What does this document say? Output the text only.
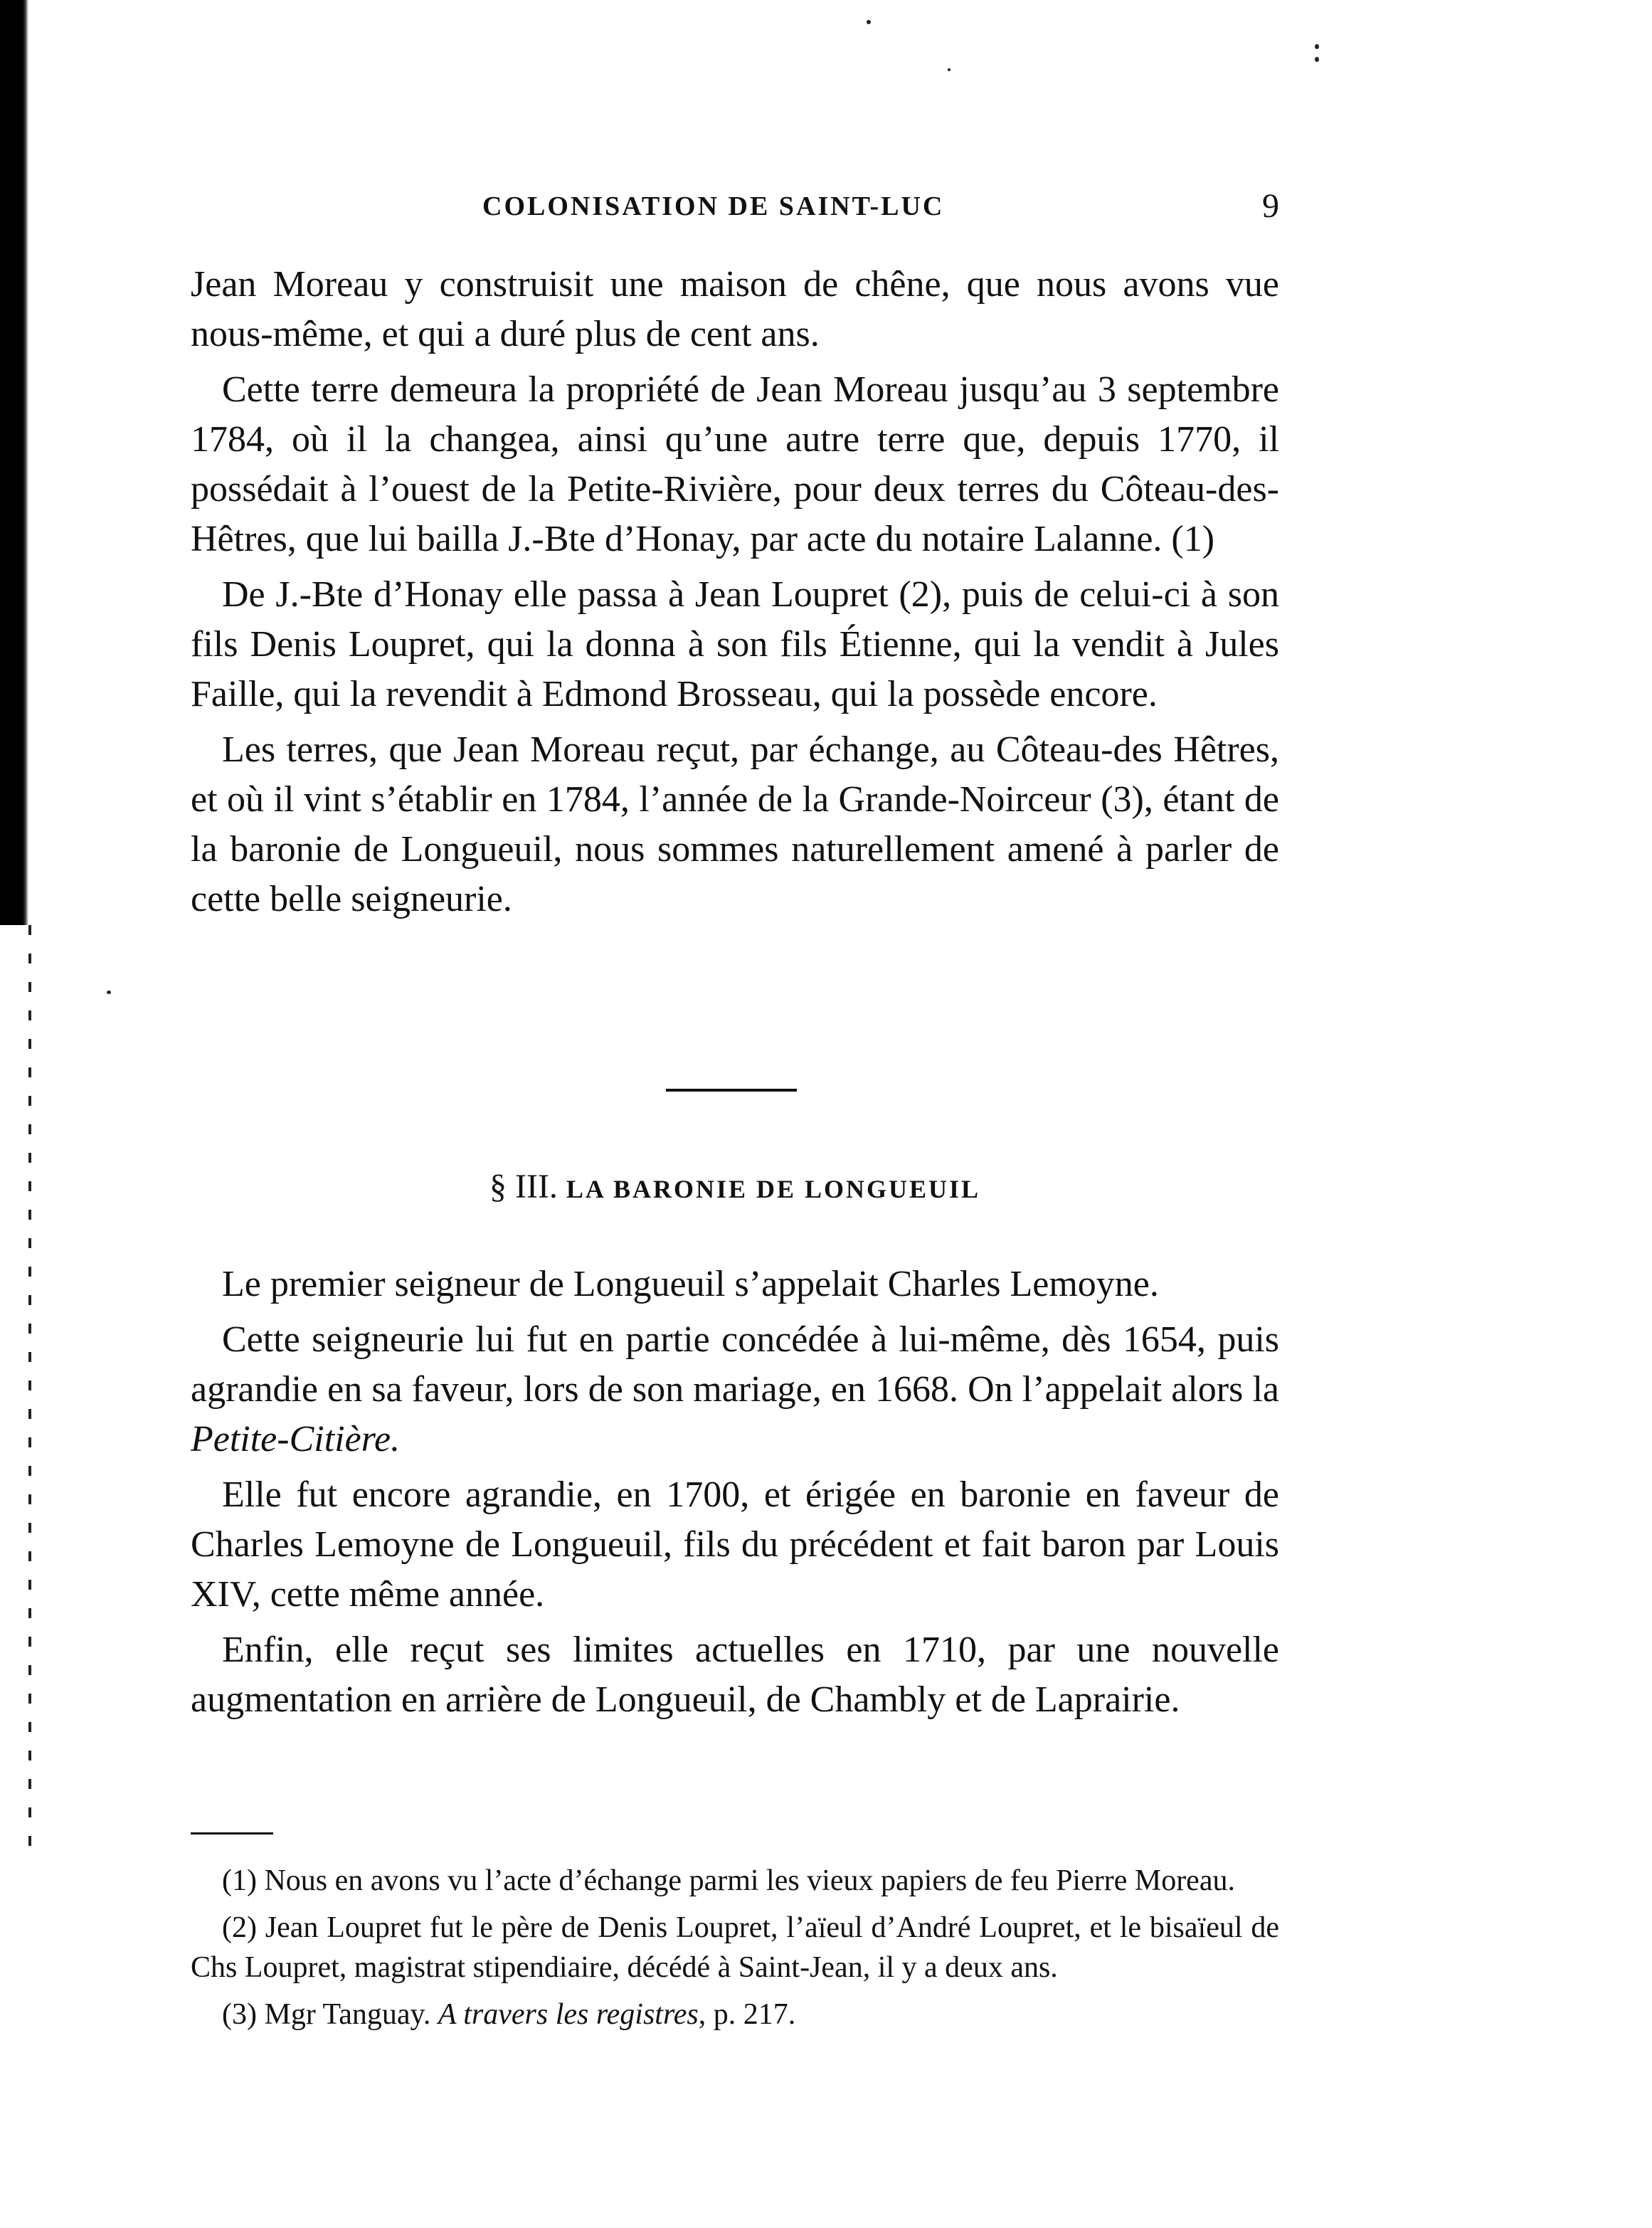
COLONISATION DE SAINT-LUC	9

Jean Moreau y construisit une maison de chêne, que nous avons vue nous-même, et qui a duré plus de cent ans.

Cette terre demeura la propriété de Jean Moreau jusqu’au 3 septembre 1784, où il la changea, ainsi qu’une autre terre que, depuis 1770, il possédait à l’ouest de la Petite-Rivière, pour deux terres du Côteau-des-Hêtres, que lui bailla J.-Bte d’Honay, par acte du notaire Lalanne. (1)

De J.-Bte d’Honay elle passa à Jean Loupret (2), puis de celui-ci à son fils Denis Loupret, qui la donna à son fils Étienne, qui la vendit à Jules Faille, qui la revendit à Edmond Brosseau, qui la possède encore.

Les terres, que Jean Moreau reçut, par échange, au Côteau-des Hêtres, et où il vint s’établir en 1784, l’année de la Grande-Noirceur (3), étant de la baronie de Longueuil, nous sommes naturellement amené à parler de cette belle seigneurie.

§ III. LA BARONIE DE LONGUEUIL

Le premier seigneur de Longueuil s’appelait Charles Lemoyne.

Cette seigneurie lui fut en partie concédée à lui-même, dès 1654, puis agrandie en sa faveur, lors de son mariage, en 1668. On l’appelait alors la Petite-Citière.

Elle fut encore agrandie, en 1700, et érigée en baronie en faveur de Charles Lemoyne de Longueuil, fils du précédent et fait baron par Louis XIV, cette même année.

Enfin, elle reçut ses limites actuelles en 1710, par une nouvelle augmentation en arrière de Longueuil, de Chambly et de Laprairie.

(1) Nous en avons vu l’acte d’échange parmi les vieux papiers de feu Pierre Moreau.

(2) Jean Loupret fut le père de Denis Loupret, l’aïeul d’André Loupret, et le bisaïeul de Chs Loupret, magistrat stipendiaire, décédé à Saint-Jean, il y a deux ans.

(3) Mgr Tanguay. A travers les registres, p. 217.
